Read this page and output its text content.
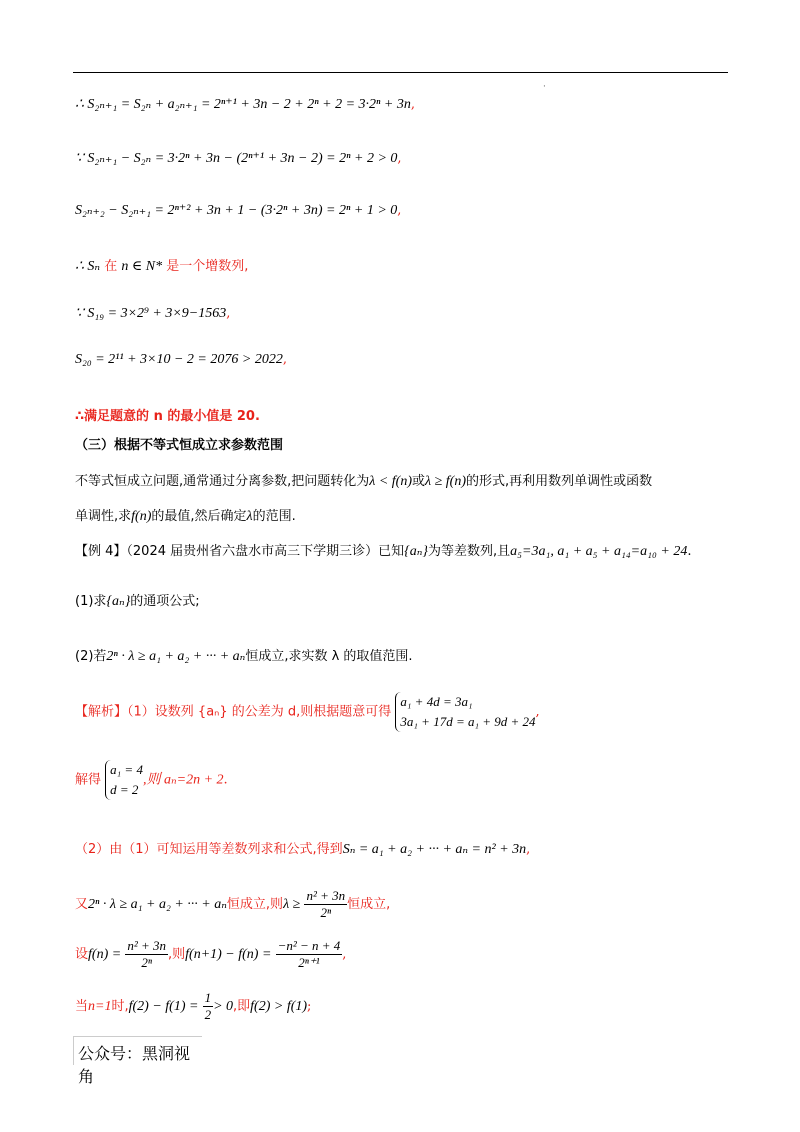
·
∴ S₂ₙ₊₁ = S₂ₙ + a₂ₙ₊₁ = 2ⁿ⁺¹ + 3n − 2 + 2ⁿ + 2 = 3·2ⁿ + 3n,
∵ S₂ₙ₊₁ − S₂ₙ = 3·2ⁿ + 3n − (2ⁿ⁺¹ + 3n − 2) = 2ⁿ + 2 > 0,
S₂ₙ₊₂ − S₂ₙ₊₁ = 2ⁿ⁺² + 3n + 1 − (3·2ⁿ + 3n) = 2ⁿ + 1 > 0,
∴ Sₙ 在 n ∈ N* 是一个增数列,
∵ S₁₉ = 3×2⁹ + 3×9−1563,
S₂₀ = 2¹¹ + 3×10 − 2 = 2076 > 2022,
∴满足题意的 n 的最小值是 20.
（三）根据不等式恒成立求参数范围
不等式恒成立问题,通常通过分离参数,把问题转化为λ < f(n)或λ ≥ f(n)的形式,再利用数列单调性或函数
单调性,求f(n)的最值,然后确定λ的范围.
【例 4】（2024 届贵州省六盘水市高三下学期三诊）已知{aₙ}为等差数列,且a₅=3a₁, a₁ + a₅ + a₁₄=a₁₀ + 24.
(1)求{aₙ}的通项公式;
(2)若2ⁿ · λ ≥ a₁ + a₂ + ··· + aₙ恒成立,求实数 λ 的取值范围.
【解析】（1）设数列 {aₙ} 的公差为 d,则根据题意可得
a₁ + 4d = 3a₁
3a₁ + 17d = a₁ + 9d + 24
,
解得
a₁ = 4
d = 2
,则 aₙ=2n + 2.
（2）由（1）可知运用等差数列求和公式,得到Sₙ = a₁ + a₂ + ··· + aₙ = n² + 3n,
又2ⁿ · λ ≥ a₁ + a₂ + ··· + aₙ恒成立,则$\lambda \ge \frac{\text{n² + 3n}}{\text{2ⁿ}}$ 恒成立,
设$f(n) = \frac{\text{n² + 3n}}{\text{2ⁿ}}$ ,则$f(n+1) - f(n) = \frac{\text{−n² − n + 4}}{\text{2ⁿ⁺¹}}$ ,
当n=1时$,f(2) - f(1) = \frac{1}{2} > 0$,即f(2) > f(1);
公众号：黑洞视角
